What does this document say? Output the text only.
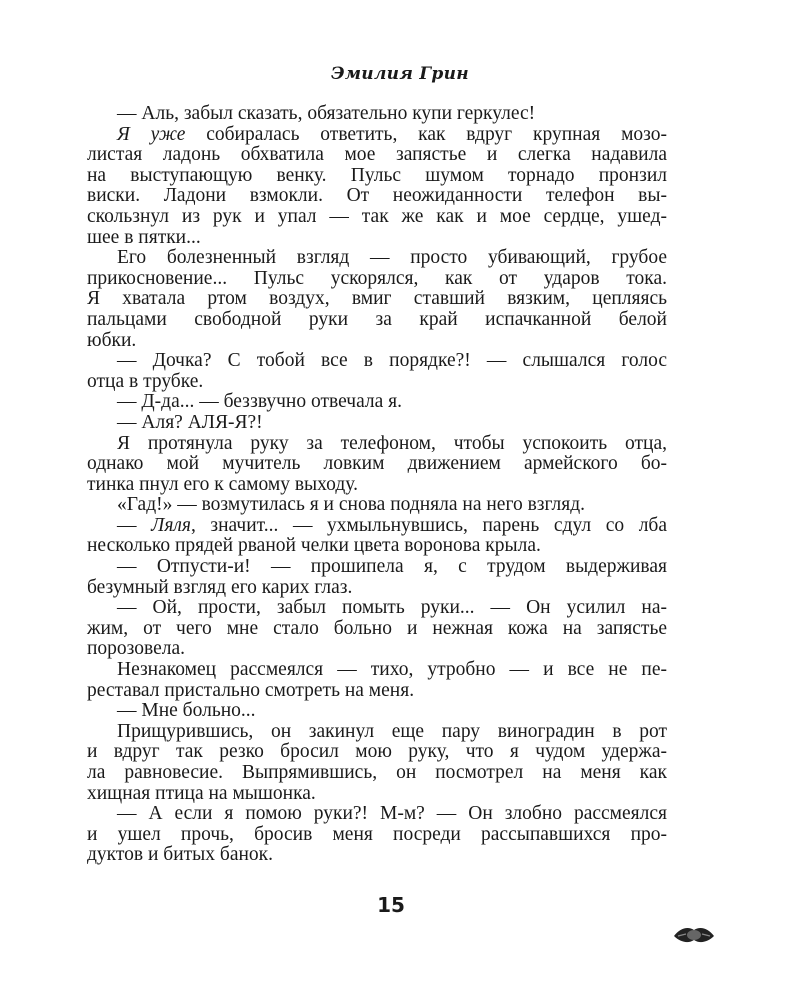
Эмилия Грин
— Аль, забыл сказать, обязательно купи геркулес!
Я уже собиралась ответить, как вдруг крупная мозо-
листая ладонь обхватила мое запястье и слегка надавила
на выступающую венку. Пульс шумом торнадо пронзил
виски. Ладони взмокли. От неожиданности телефон вы-
скользнул из рук и упал — так же как и мое сердце, ушед-
шее в пятки...
Его болезненный взгляд — просто убивающий, грубое
прикосновение... Пульс ускорялся, как от ударов тока.
Я хватала ртом воздух, вмиг ставший вязким, цепляясь
пальцами свободной руки за край испачканной белой
юбки.
— Дочка? С тобой все в порядке?! — слышался голос
отца в трубке.
— Д-да... — беззвучно отвечала я.
— Аля? АЛЯ-Я?!
Я протянула руку за телефоном, чтобы успокоить отца,
однако мой мучитель ловким движением армейского бо-
тинка пнул его к самому выходу.
«Гад!» — возмутилась я и снова подняла на него взгляд.
— Ляля, значит... — ухмыльнувшись, парень сдул со лба
несколько прядей рваной челки цвета воронова крыла.
— Отпусти-и! — прошипела я, с трудом выдерживая
безумный взгляд его карих глаз.
— Ой, прости, забыл помыть руки... — Он усилил на-
жим, от чего мне стало больно и нежная кожа на запястье
порозовела.
Незнакомец рассмеялся — тихо, утробно — и все не пе-
реставал пристально смотреть на меня.
— Мне больно...
Прищурившись, он закинул еще пару виноградин в рот
и вдруг так резко бросил мою руку, что я чудом удержа-
ла равновесие. Выпрямившись, он посмотрел на меня как
хищная птица на мышонка.
— А если я помою руки?! М-м? — Он злобно рассмеялся
и ушел прочь, бросив меня посреди рассыпавшихся про-
дуктов и битых банок.
15
